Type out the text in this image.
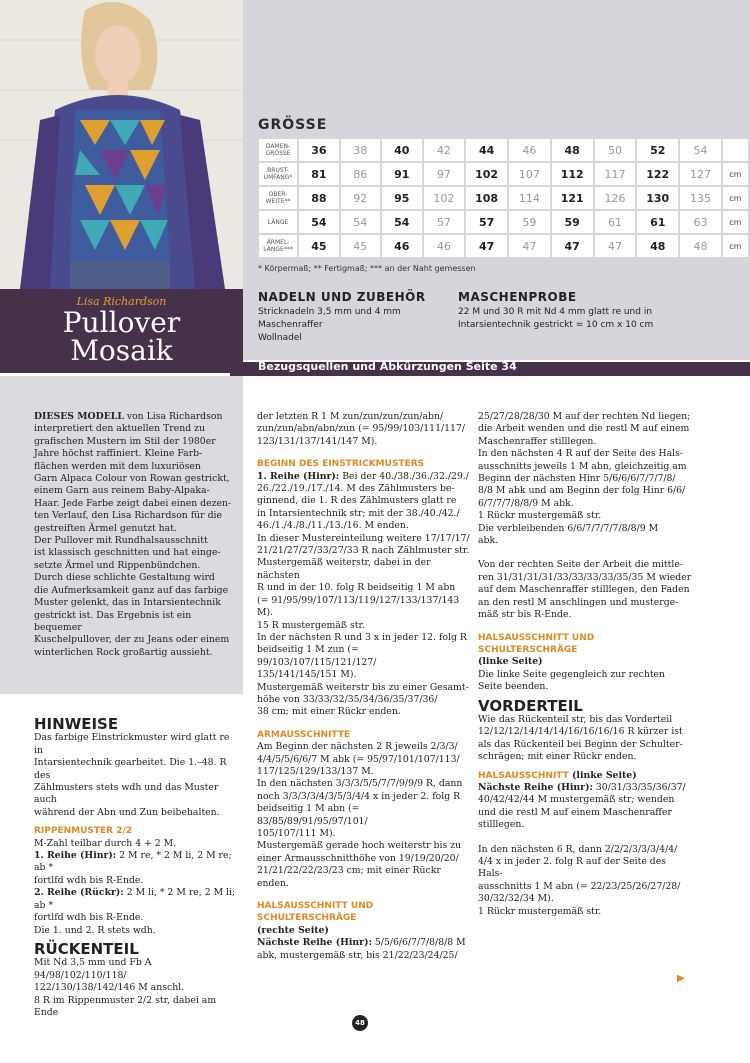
Lisa Richardson
Pullover
Mosaik
GRÖSSE
DAMEN-
GRÖSSE	36	38	40	42	44	46	48	50	52	54	

BRUST-
UMFANG*	81	86	91	97	102	107	112	117	122	127	cm

OBER-
WEITE**	88	92	95	102	108	114	121	126	130	135	cm

LÄNGE	54	54	54	57	57	59	59	61	61	63	cm

ÄRMEL-
LÄNGE***	45	45	46	46	47	47	47	47	48	48	cm
* Körpermaß; ** Fertigmaß; *** an der Naht gemessen
NADELN UND ZUBEHÖR
Stricknadeln 3,5 mm und 4 mm
Maschenraffer
Wollnadel
MASCHENPROBE
22 M und 30 R mit Nd 4 mm glatt re und in
Intarsientechnik gestrickt = 10 cm x 10 cm
Bezugsquellen und Abkürzungen Seite 34
DIESES MODELL von Lisa Richardson
interpretiert den aktuellen Trend zu
grafischen Mustern im Stil der 1980er
Jahre höchst raffiniert. Kleine Farb-
flächen werden mit dem luxuriösen
Garn Alpaca Colour von Rowan gestrickt,
einem Garn aus reinem Baby-Alpaka-
Haar. Jede Farbe zeigt dabei einen dezen-
ten Verlauf, den Lisa Richardson für die
gestreiften Ärmel genutzt hat.
Der Pullover mit Rundhalsausschnitt
ist klassisch geschnitten und hat einge-
setzte Ärmel und Rippenbündchen.
Durch diese schlichte Gestaltung wird
die Aufmerksamkeit ganz auf das farbige
Muster gelenkt, das in Intarsientechnik
gestrickt ist. Das Ergebnis ist ein bequemer
Kuschelpullover, der zu Jeans oder einem
winterlichen Rock großartig aussieht.
HINWEISE
Das farbige Einstrickmuster wird glatt re in
Intarsientechnik gearbeitet. Die 1.–48. R des
Zählmusters stets wdh und das Muster auch
während der Abn und Zun beibehalten.
RIPPENMUSTER 2/2
M-Zahl teilbar durch 4 + 2 M.
1. Reihe (Hinr): 2 M re, * 2 M li, 2 M re; ab *
fortlfd wdh bis R-Ende.
2. Reihe (Rückr): 2 M li, * 2 M re, 2 M li; ab *
fortlfd wdh bis R-Ende.
Die 1. und 2. R stets wdh.
RÜCKENTEIL
Mit Nd 3,5 mm und Fb A 94/98/102/110/118/
122/130/138/142/146 M anschl.
8 R im Rippenmuster 2/2 str, dabei am Ende
der letzten R 1 M zun/zun/zun/zun/abn/
zun/zun/abn/abn/zun (= 95/99/103/111/117/
123/131/137/141/147 M).
BEGINN DES EINSTRICKMUSTERS
1. Reihe (Hinr): Bei der 40./38./36./32./29./
26./22./19./17./14. M des Zählmusters be-
ginnend, die 1. R des Zählmusters glatt re
in Intarsientechnik str; mit der 38./40./42./
46./1./4./8./11./13./16. M enden.
In dieser Mustereinteilung weitere 17/17/17/
21/21/27/27/33/27/33 R nach Zählmuster str.
Mustergemäß weiterstr, dabei in der nächsten
R und in der 10. folg R beidseitig 1 M abn
(= 91/95/99/107/113/119/127/133/137/143 M).
15 R mustergemäß str.
In der nächsten R und 3 x in jeder 12. folg R
beidseitig 1 M zun (= 99/103/107/115/121/127/
135/141/145/151 M).
Mustergemäß weiterstr bis zu einer Gesamt-
höhe von 33/33/32/35/34/36/35/37/36/
38 cm; mit einer Rückr enden.
ARMAUSSCHNITTE
Am Beginn der nächsten 2 R jeweils 2/3/3/
4/4/5/5/6/6/7 M abk (= 95/97/101/107/113/
117/125/129/133/137 M.
In den nächsten 3/3/3/5/5/7/7/9/9/9 R, dann
noch 3/3/3/3/4/3/5/3/4/4 x in jeder 2. folg R
beidseitig 1 M abn (= 83/85/89/91/95/97/101/
105/107/111 M).
Mustergemäß gerade hoch weiterstr bis zu
einer Armausschnitthöhe von 19/19/20/20/
21/21/22/22/23/23 cm; mit einer Rückr
enden.
HALSAUSSCHNITT UND SCHULTERSCHRÄGE
(rechte Seite)
Nächste Reihe (Hinr): 5/5/6/6/7/7/8/8/8 M
abk, mustergemäß str, bis 21/22/23/24/25/
25/27/28/28/30 M auf der rechten Nd liegen;
die Arbeit wenden und die restl M auf einem
Maschenraffer stilllegen.
In den nächsten 4 R auf der Seite des Hals-
ausschnitts jeweils 1 M abn, gleichzeitig am
Beginn der nächsten Hinr 5/6/6/6/7/7/7/8/
8/8 M abk und am Beginn der folg Hinr 6/6/
6/7/7/7/8/8/9 M abk.
1 Rückr mustergemäß str.
Die verbleibenden 6/6/7/7/7/7/8/8/9 M
abk.
Von der rechten Seite der Arbeit die mittle-
ren 31/31/31/31/33/33/33/33/35/35 M wieder
auf dem Maschenraffer stilllegen, den Faden
an den restl M anschlingen und musterge-
mäß str bis R-Ende.
HALSAUSSCHNITT UND SCHULTERSCHRÄGE
(linke Seite)
Die linke Seite gegengleich zur rechten
Seite beenden.
VORDERTEIL
Wie das Rückenteil str, bis das Vorderteil
12/12/12/14/14/14/16/16/16/16 R kürzer ist
als das Rückenteil bei Beginn der Schulter-
schrägen; mit einer Rückr enden.
HALSAUSSCHNITT (linke Seite)
Nächste Reihe (Hinr): 30/31/33/35/36/37/
40/42/42/44 M mustergemäß str; wenden
und die restl M auf einem Maschenraffer
stilllegen.
In den nächsten 6 R, dann 2/2/2/3/3/3/4/4/
4/4 x in jeder 2. folg R auf der Seite des Hals-
ausschnitts 1 M abn (= 22/23/25/26/27/28/
30/32/32/34 M).
1 Rückr mustergemäß str.
▶
48
